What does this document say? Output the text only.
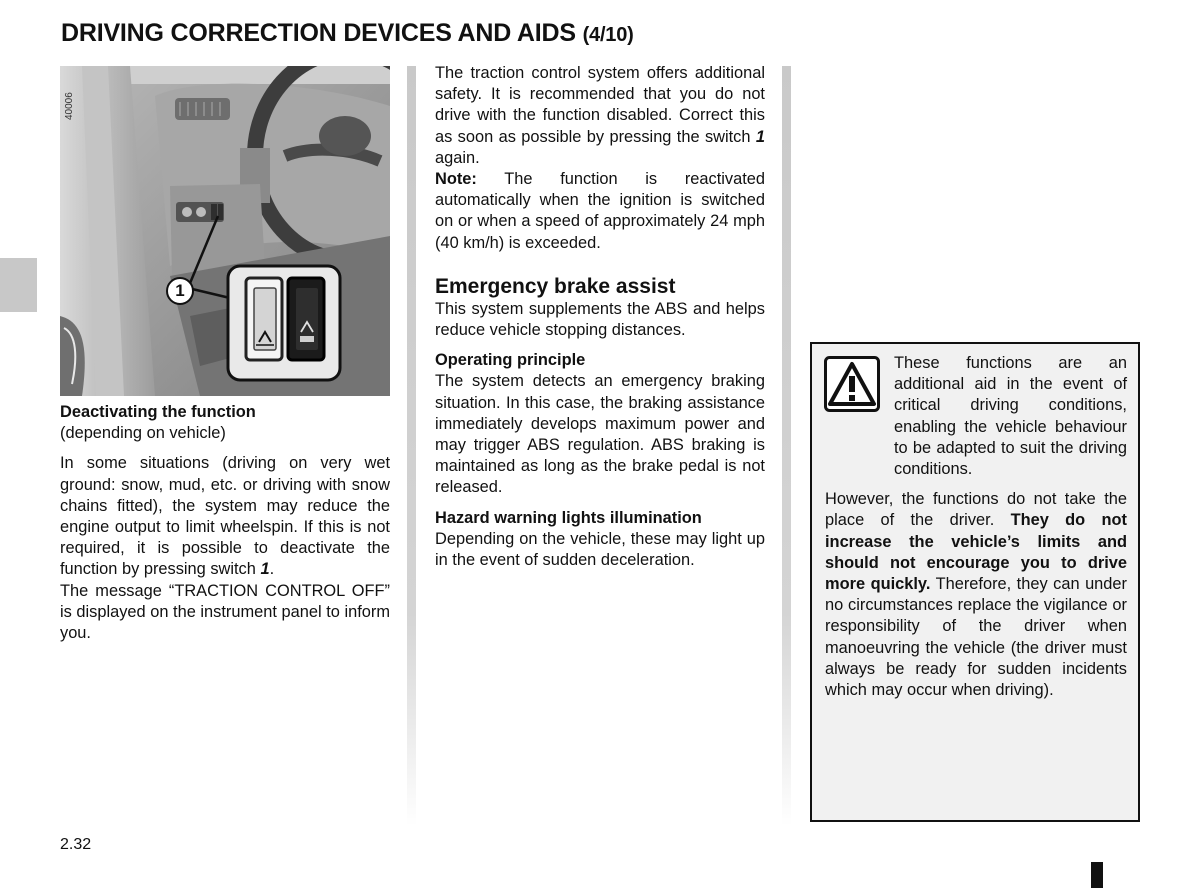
DRIVING CORRECTION DEVICES AND AIDS (4/10)
40006
1

Deactivating the function

(depending on vehicle)

In some situations (driving on very wet ground: snow, mud, etc. or driving with snow chains fitted), the system may reduce the engine output to limit wheelspin. If this is not required, it is possible to deactivate the function by pressing switch 1.

The message “TRACTION CONTROL OFF” is displayed on the instrument panel to inform you.

The traction control system offers additional safety. It is recommended that you do not drive with the function disabled. Correct this as soon as possible by pressing the switch 1 again.

Note: The function is reactivated automatically when the ignition is switched on or when a speed of approximately 24 mph (40 km/h) is exceeded.

Emergency brake assist

This system supplements the ABS and helps reduce vehicle stopping distances.

Operating principle

The system detects an emergency braking situation. In this case, the braking assistance immediately develops maximum power and may trigger ABS regulation. ABS braking is maintained as long as the brake pedal is not released.

Hazard warning lights illumination

Depending on the vehicle, these may light up in the event of sudden deceleration.

These functions are an additional aid in the event of critical driving conditions, enabling the vehicle behaviour to be adapted to suit the driving conditions.

However, the functions do not take the place of the driver. They do not increase the vehicle’s limits and should not encourage you to drive more quickly. Therefore, they can under no circumstances replace the vigilance or responsibility of the driver when manoeuvring the vehicle (the driver must always be ready for sudden incidents which may occur when driving).

2.32
